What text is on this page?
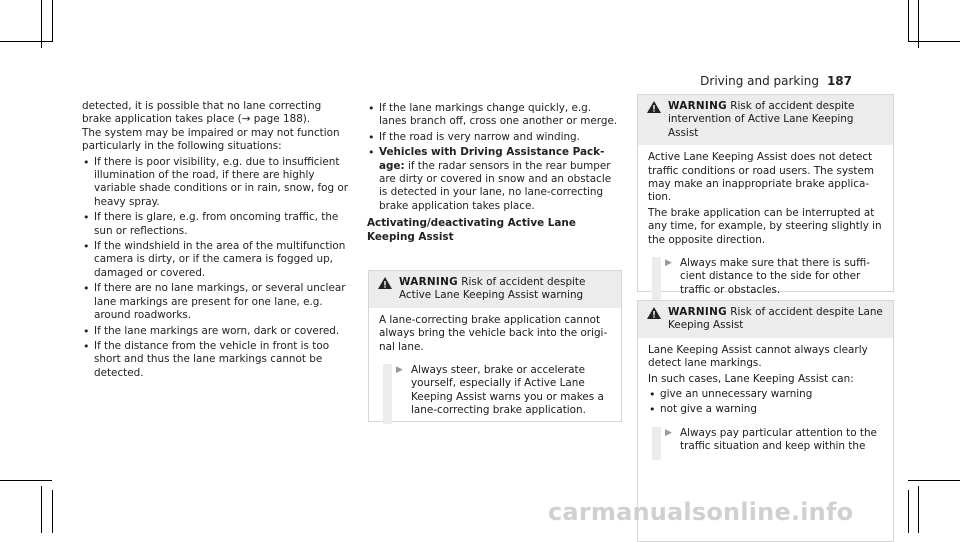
Driving and parking 187

detected, it is possible that no lane correcting brake application takes place (→ page 188).

The system may be impaired or may not function particularly in the following situations:

• If there is poor visibility, e.g. due to insufficient illumination of the road, if there are highly variable shade conditions or in rain, snow, fog or heavy spray.
• If there is glare, e.g. from oncoming traffic, the sun or reflections.
• If the windshield in the area of the multifunction camera is dirty, or if the camera is fogged up, damaged or covered.
• If there are no lane markings, or several unclear lane markings are present for one lane, e.g. around roadworks.
• If the lane markings are worn, dark or covered.
• If the distance from the vehicle in front is too short and thus the lane markings cannot be detected.
• If the lane markings change quickly, e.g. lanes branch off, cross one another or merge.
• If the road is very narrow and winding.
• Vehicles with Driving Assistance Package: if the radar sensors in the rear bumper are dirty or covered in snow and an obstacle is detected in your lane, no lane-correcting brake application takes place.
Activating/deactivating Active Lane Keeping Assist
WARNING Risk of accident despite Active Lane Keeping Assist warning

A lane-correcting brake application cannot always bring the vehicle back into the original lane.

▶ Always steer, brake or accelerate yourself, especially if Active Lane Keeping Assist warns you or makes a lane-correcting brake application.
WARNING Risk of accident despite intervention of Active Lane Keeping Assist

Active Lane Keeping Assist does not detect traffic conditions or road users. The system may make an inappropriate brake application.

The brake application can be interrupted at any time, for example, by steering slightly in the opposite direction.

▶ Always make sure that there is sufficient distance to the side for other traffic or obstacles.
WARNING Risk of accident despite Lane Keeping Assist

Lane Keeping Assist cannot always clearly detect lane markings.

In such cases, Lane Keeping Assist can:

• give an unnecessary warning
• not give a warning
▶ Always pay particular attention to the traffic situation and keep within the
carmanualsonline.info
